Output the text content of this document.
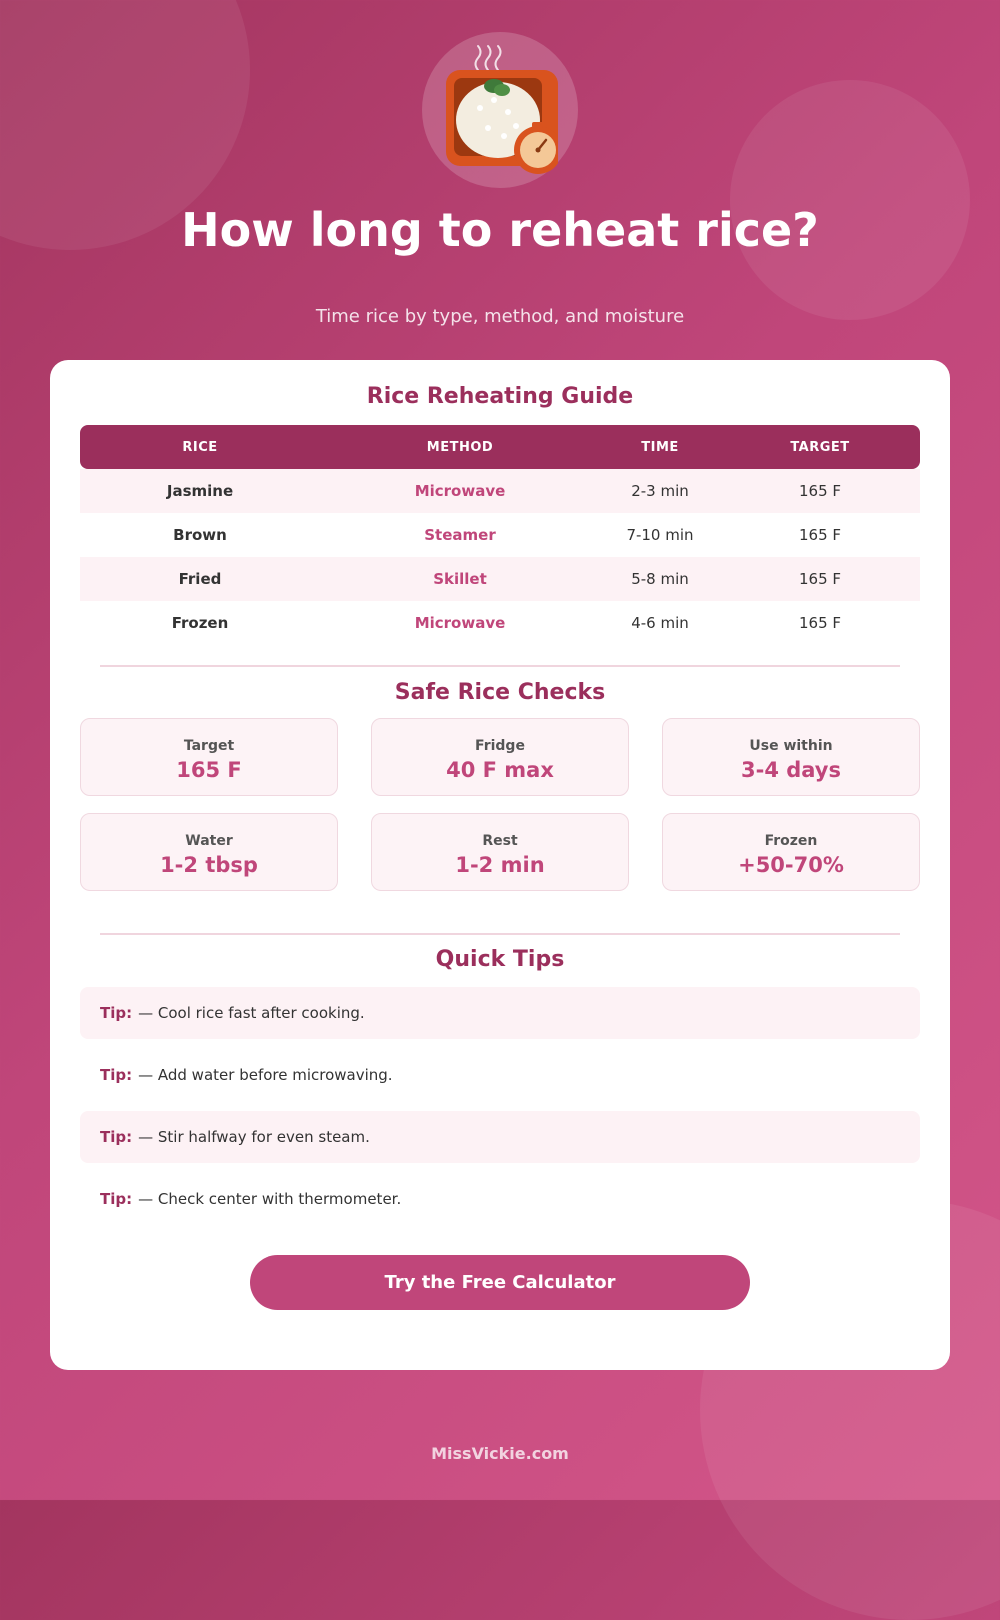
How long to reheat rice?
Time rice by type, method, and moisture
Rice Reheating Guide
RICE	METHOD	TIME	TARGET
Jasmine	Microwave	2-3 min	165 F
Brown	Steamer	7-10 min	165 F
Fried	Skillet	5-8 min	165 F
Frozen	Microwave	4-6 min	165 F
Safe Rice Checks
Target
165 F
Fridge
40 F max
Use within
3-4 days
Water
1-2 tbsp
Rest
1-2 min
Frozen
+50-70%
Quick Tips
Tip: — Cool rice fast after cooking.
Tip: — Add water before microwaving.
Tip: — Stir halfway for even steam.
Tip: — Check center with thermometer.
Try the Free Calculator
MissVickie.com
